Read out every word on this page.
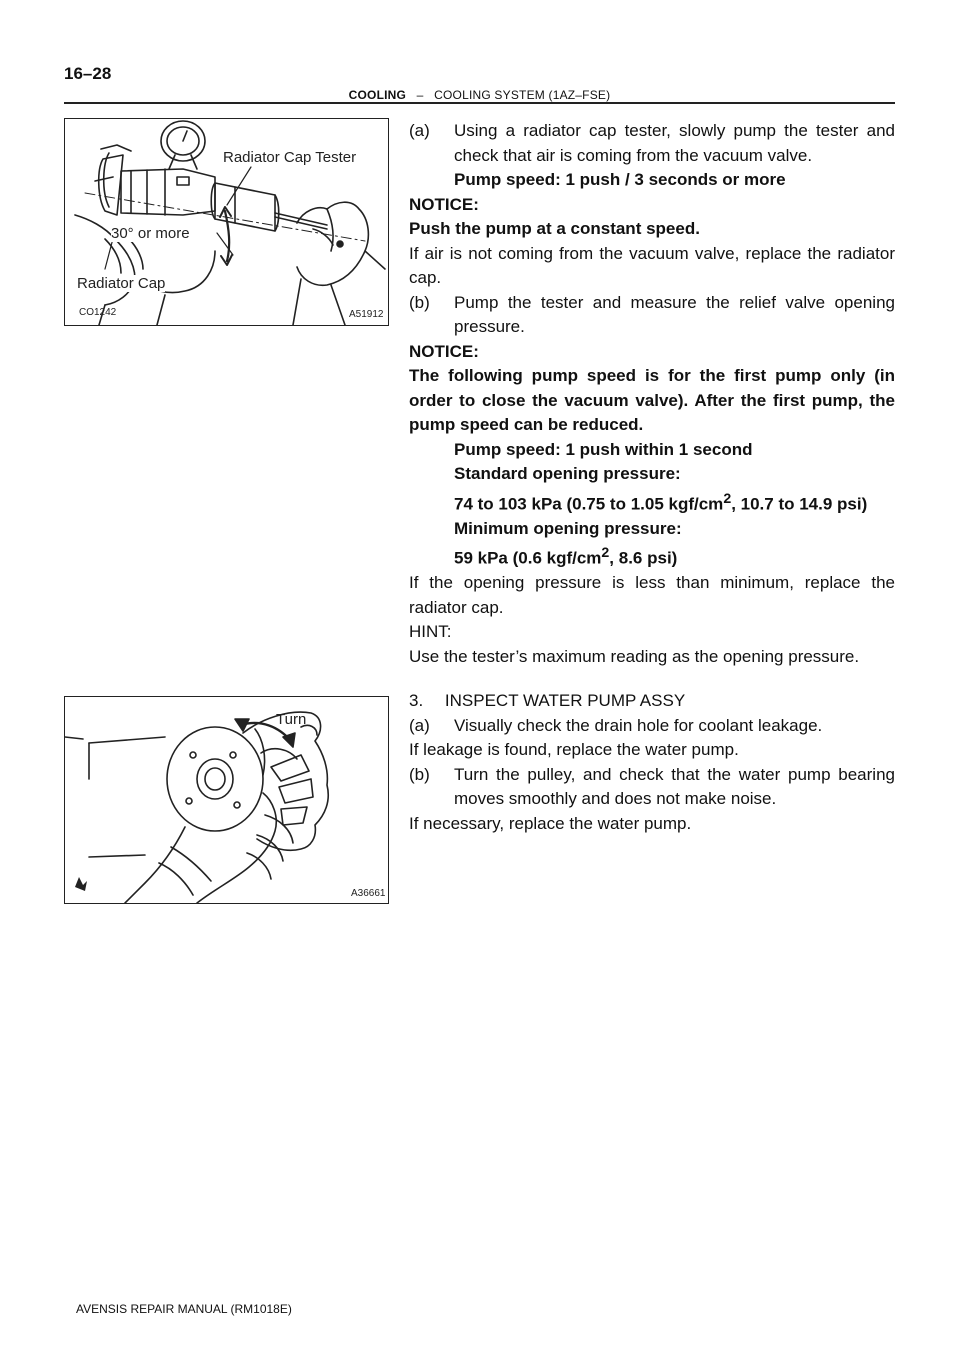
16–28
COOLING – COOLING SYSTEM (1AZ–FSE)
Radiator Cap Tester
30° or more
Radiator Cap
CO1242	A51912
Turn
A36661

(a) Using a radiator cap tester, slowly pump the tester and check that air is coming from the vacuum valve.

Pump speed: 1 push / 3 seconds or more

NOTICE:

Push the pump at a constant speed.

If air is not coming from the vacuum valve, replace the radiator cap.

(b) Pump the tester and measure the relief valve opening pressure.

NOTICE:

The following pump speed is for the first pump only (in order to close the vacuum valve). After the first pump, the pump speed can be reduced.

Pump speed: 1 push within 1 second

Standard opening pressure:

74 to 103 kPa (0.75 to 1.05 kgf/$cm^2$, 10.7 to 14.9 psi)

Minimum opening pressure:

59 kPa (0.6 kgf/$cm^2$, 8.6 psi)

If the opening pressure is less than minimum, replace the radiator cap.

HINT:

Use the tester’s maximum reading as the opening pressure.

3.  INSPECT WATER PUMP ASSY

(a) Visually check the drain hole for coolant leakage.

If leakage is found, replace the water pump.

(b) Turn the pulley, and check that the water pump bearing moves smoothly and does not make noise.

If necessary, replace the water pump.

AVENSIS REPAIR MANUAL (RM1018E)
